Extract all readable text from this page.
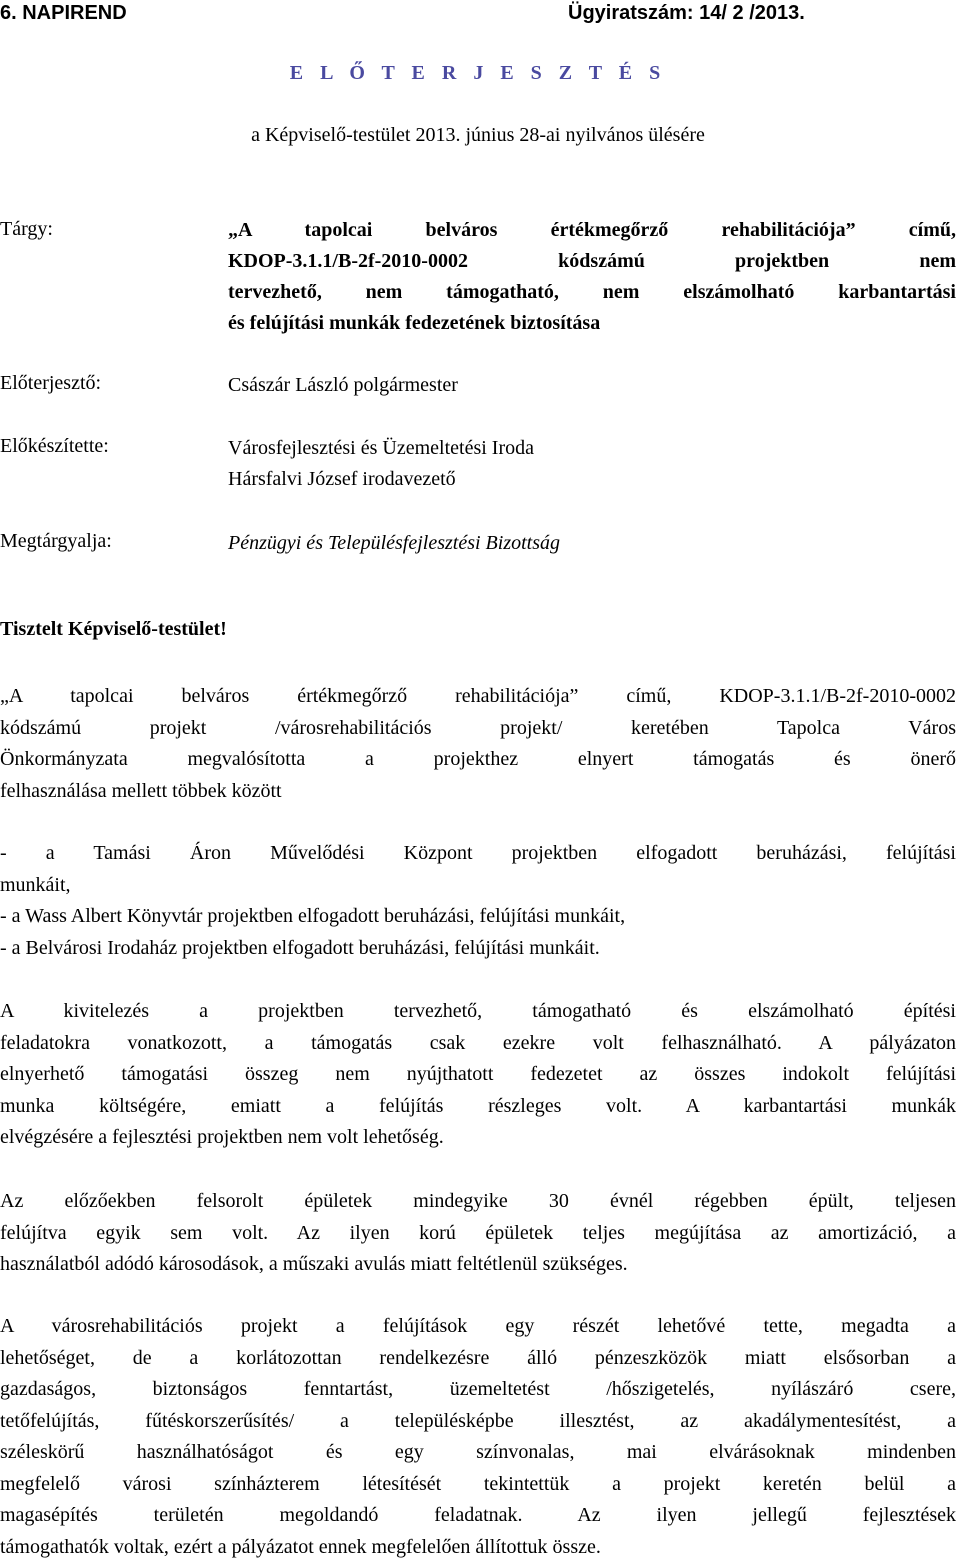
6. NAPIREND	Ügyiratszám: 14/ 2 /2013.
E L Ő T E R J E S Z T É S
a Képviselő-testület 2013. június 28-ai nyilvános ülésére
Tárgy:	„A tapolcai belváros értékmegőrző rehabilitációja” című,
KDOP-3.1.1/B-2f-2010-0002 kódszámú projektben nem
tervezhető, nem támogatható, nem elszámolható karbantartási
és felújítási munkák fedezetének biztosítása
Előterjesztő:	Császár László polgármester
Előkészítette:	Városfejlesztési és Üzemeltetési Iroda
Hársfalvi József irodavezető
Megtárgyalja:	Pénzügyi és Településfejlesztési Bizottság
Tisztelt Képviselő-testület!
„A tapolcai belváros értékmegőrző rehabilitációja” című, KDOP-3.1.1/B-2f-2010-0002
kódszámú projekt /városrehabilitációs projekt/ keretében Tapolca Város
Önkormányzata megvalósította a projekthez elnyert támogatás és önerő
felhasználása mellett többek között
- a Tamási Áron Művelődési Központ projektben elfogadott beruházási, felújítási
munkáit,
- a Wass Albert Könyvtár projektben elfogadott beruházási, felújítási munkáit,
- a Belvárosi Irodaház projektben elfogadott beruházási, felújítási munkáit.
A kivitelezés a projektben tervezhető, támogatható és elszámolható építési
feladatokra vonatkozott, a támogatás csak ezekre volt felhasználható. A pályázaton
elnyerhető támogatási összeg nem nyújthatott fedezetet az összes indokolt felújítási
munka költségére, emiatt a felújítás részleges volt. A karbantartási munkák
elvégzésére a fejlesztési projektben nem volt lehetőség.
Az előzőekben felsorolt épületek mindegyike 30 évnél régebben épült, teljesen
felújítva egyik sem volt. Az ilyen korú épületek teljes megújítása az amortizáció, a
használatból adódó károsodások, a műszaki avulás miatt feltétlenül szükséges.
A városrehabilitációs projekt a felújítások egy részét lehetővé tette, megadta a
lehetőséget, de a korlátozottan rendelkezésre álló pénzeszközök miatt elsősorban a
gazdaságos, biztonságos fenntartást, üzemeltetést /hőszigetelés, nyílászáró csere,
tetőfelújítás, fűtéskorszerűsítés/ a településképbe illesztést, az akadálymentesítést, a
széleskörű használhatóságot és egy színvonalas, mai elvárásoknak mindenben
megfelelő városi színházterem létesítését tekintettük a projekt keretén belül a
magasépítés területén megoldandó feladatnak. Az ilyen jellegű fejlesztések
támogathatók voltak, ezért a pályázatot ennek megfelelően állítottuk össze.
